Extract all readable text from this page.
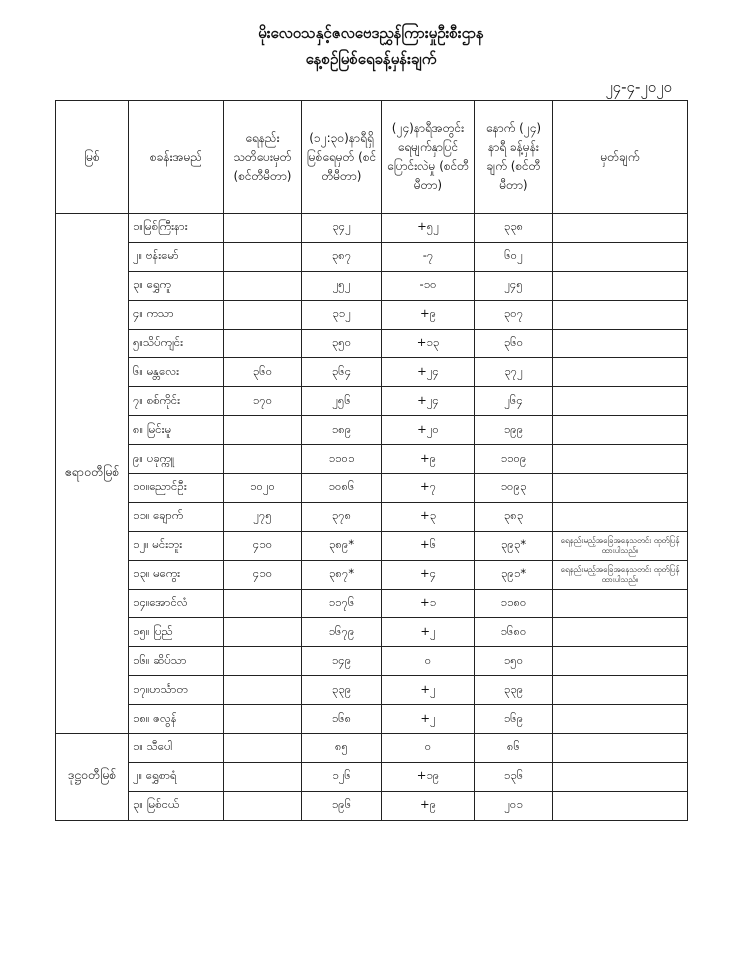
မိုးလေဝသနှင့်ဇလဗေဒညွှန်ကြားမှုဦးစီးဌာန
နေ့စဉ်မြစ်ရေခန့်မှန်းချက်
၂၄-၄-၂၀၂၀
မြစ်	စခန်းအမည်	ရေနည်း သတိပေးမှတ် (စင်တီမီတာ)	(၁၂:၃၀)နာရီရှိ မြစ်ရေမှတ် (စင်တီမီတာ)	(၂၄)နာရီအတွင်း ရေမျက်နှာပြင် ပြောင်းလဲမှု (စင်တီမီတာ)	နောက် (၂၄) နာရီ ခန့်မှန်းချက် (စင်တီမီတာ)	မှတ်ချက်
ဧရာဝတီမြစ်	၁။မြစ်ကြီးနား		၃၄၂	+၅၂	၃၃၈	
	၂။ ဗန်းမော်		၃၈၇	-၇	၆၀၂	
	၃။ ရွှေကူ		၂၅၂	-၁၀	၂၄၅	
	၄။ ကသာ		၃၁၂	+၉	၃၀၇	
	၅။သိပ်ကျင်း		၃၅၀	+၁၃	၃၆၀	
	၆။ မန္တလေး	၃၆၀	၃၆၄	+၂၄	၃၇၂	
	၇။ စစ်ကိုင်း	၁၇၀	၂၅၆	+၂၄	၂၆၄	
	၈။ မြင်းမူ		၁၈၉	+၂၀	၁၉၉	
	၉။ ပခုက္ကူ		၁၁၀၁	+၉	၁၁၀၉	
	၁၀။ညောင်ဦး	၁၀၂၀	၁၀၈၆	+၇	၁၀၉၃	
	၁၁။ ချောက်	၂၇၅	၃၇၈	+၃	၃၈၃	
	၁၂။ မင်းဘူး	၄၁၀	၃၈၉*	+၆	၃၉၃*	ရေနည်းမည့်အခြေအနေသတင်း ထုတ်ပြန်ထားပါသည်။
	၁၃။ မကွေး	၄၁၀	၃၈၇*	+၄	၃၉၁*	ရေနည်းမည့်အခြေအနေသတင်း ထုတ်ပြန်ထားပါသည်။
	၁၄။အောင်လံ		၁၁၇၆	+၁	၁၁၈၀	
	၁၅။ ပြည်		၁၆၇၉	+၂	၁၆၈၀	
	၁၆။ ဆိပ်သာ		၁၄၉	၀	၁၅၀	
	၁၇။ဟင်္သာတ		၃၃၉	+၂	၃၃၉	
	၁၈။ ဇလွန်		၁၆၈	+၂	၁၆၉	
ဒုဋ္ဌဝတီမြစ်	၁။ သီပေါ		၈၅	၀	၈၆	
	၂။ ရွှေစာရံ		၁၂၆	+၁၉	၁၃၆	
	၃။ မြစ်ငယ်		၁၉၆	+၉	၂၀၁	
